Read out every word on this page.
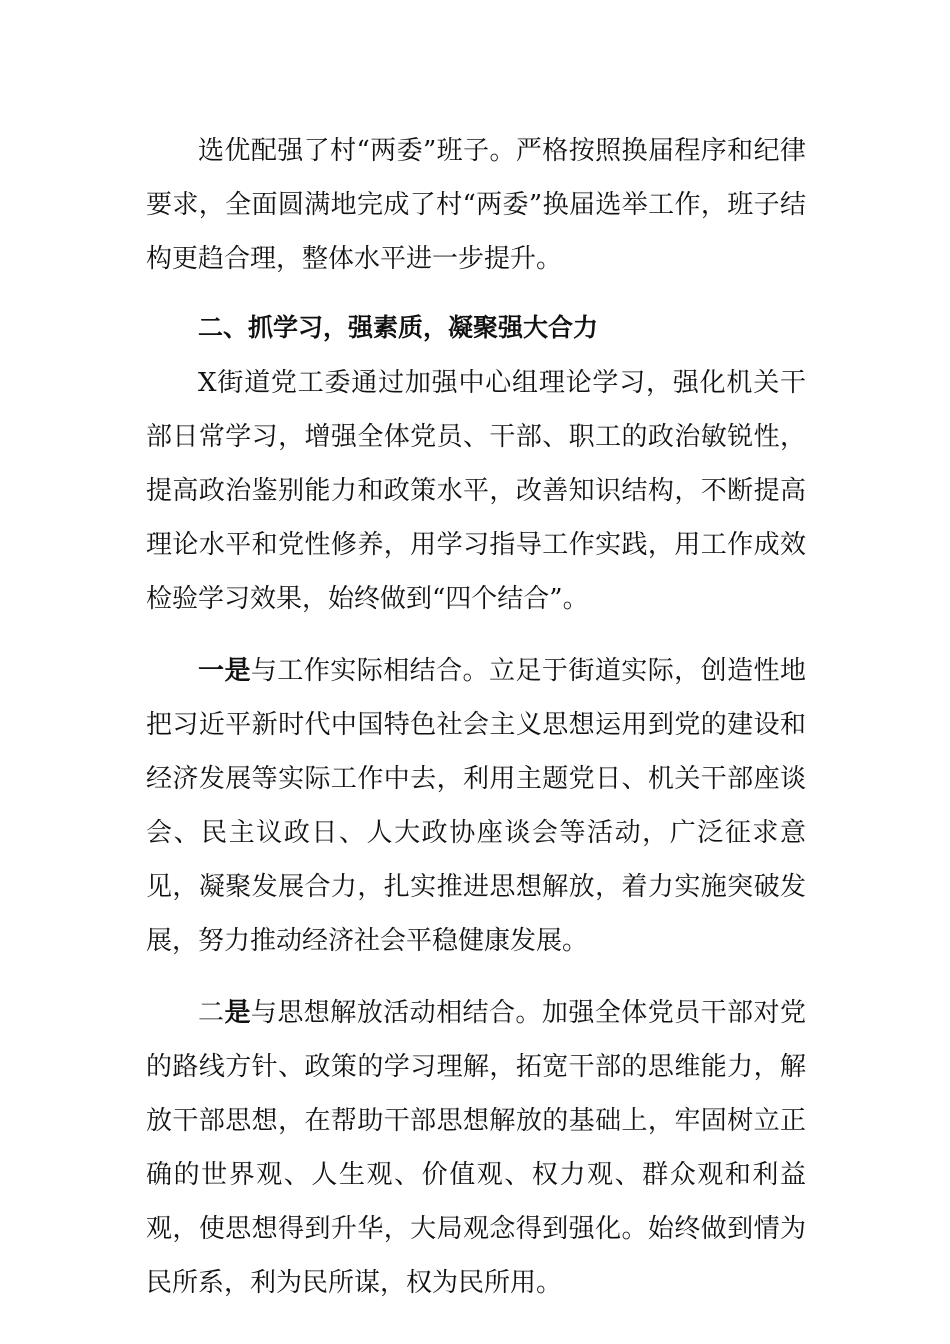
选优配强了村“两委”班子。严格按照换届程序和纪律要求，全面圆满地完成了村“两委”换届选举工作，班子结构更趋合理，整体水平进一步提升。

二、抓学习，强素质，凝聚强大合力

X街道党工委通过加强中心组理论学习，强化机关干部日常学习，增强全体党员、干部、职工的政治敏锐性，提高政治鉴别能力和政策水平，改善知识结构，不断提高理论水平和党性修养，用学习指导工作实践，用工作成效检验学习效果，始终做到“四个结合”。

一是与工作实际相结合。立足于街道实际，创造性地把习近平新时代中国特色社会主义思想运用到党的建设和经济发展等实际工作中去，利用主题党日、机关干部座谈会、民主议政日、人大政协座谈会等活动，广泛征求意见，凝聚发展合力，扎实推进思想解放，着力实施突破发展，努力推动经济社会平稳健康发展。

二是与思想解放活动相结合。加强全体党员干部对党的路线方针、政策的学习理解，拓宽干部的思维能力，解放干部思想，在帮助干部思想解放的基础上，牢固树立正确的世界观、人生观、价值观、权力观、群众观和利益观，使思想得到升华，大局观念得到强化。始终做到情为民所系，利为民所谋，权为民所用。
